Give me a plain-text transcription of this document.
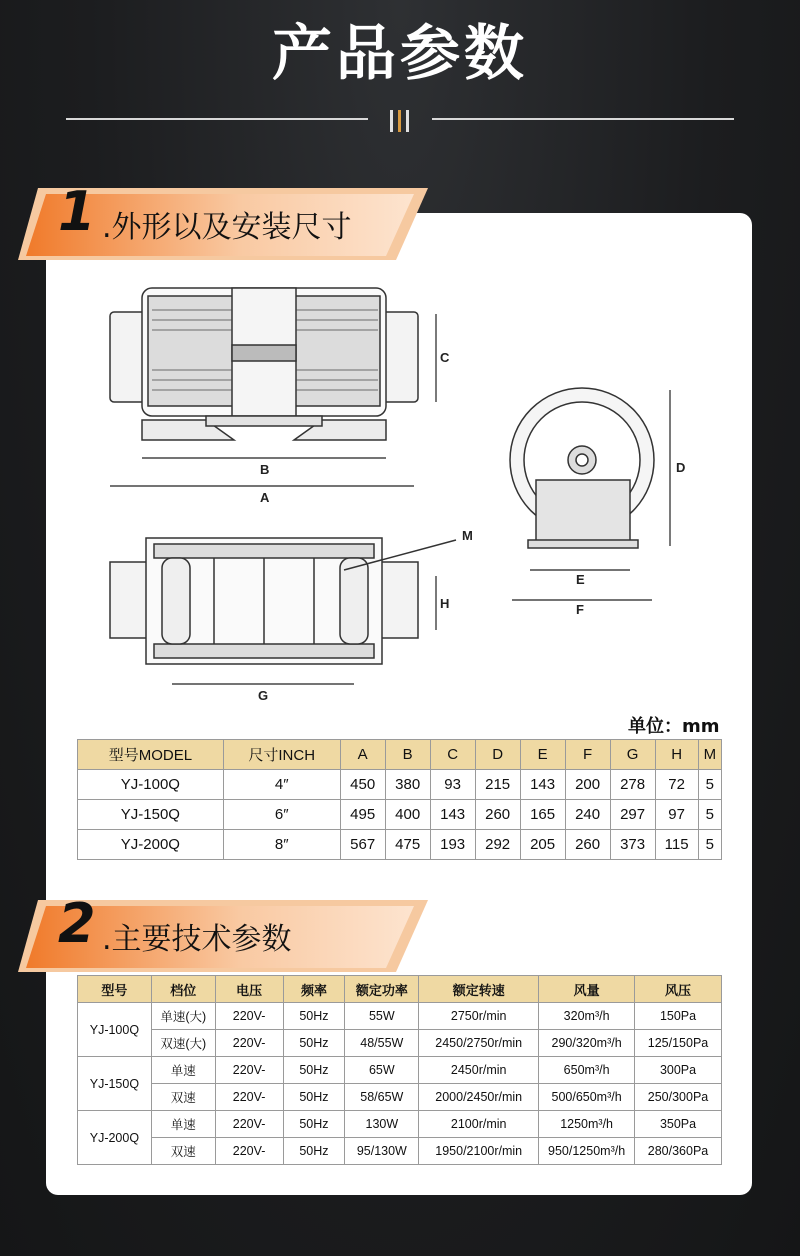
产品参数
1 .外形以及安装尺寸
B
A
C
D
E
F
G
H
M
单位：mm
型号MODEL	尺寸INCH	A	B	C	D	E	F	G	H	M
YJ-100Q	4″	450	380	93	215	143	200	278	72	5
YJ-150Q	6″	495	400	143	260	165	240	297	97	5
YJ-200Q	8″	567	475	193	292	205	260	373	115	5
2 .主要技术参数
型号	档位	电压	频率	额定功率	额定转速	风量	风压
YJ-100Q	单速(大)	220V-	50Hz	55W	2750r/min	320m³/h	150Pa
	双速(大)	220V-	50Hz	48/55W	2450/2750r/min	290/320m³/h	125/150Pa
YJ-150Q	单速	220V-	50Hz	65W	2450r/min	650m³/h	300Pa
	双速	220V-	50Hz	58/65W	2000/2450r/min	500/650m³/h	250/300Pa
YJ-200Q	单速	220V-	50Hz	130W	2100r/min	1250m³/h	350Pa
	双速	220V-	50Hz	95/130W	1950/2100r/min	950/1250m³/h	280/360Pa
